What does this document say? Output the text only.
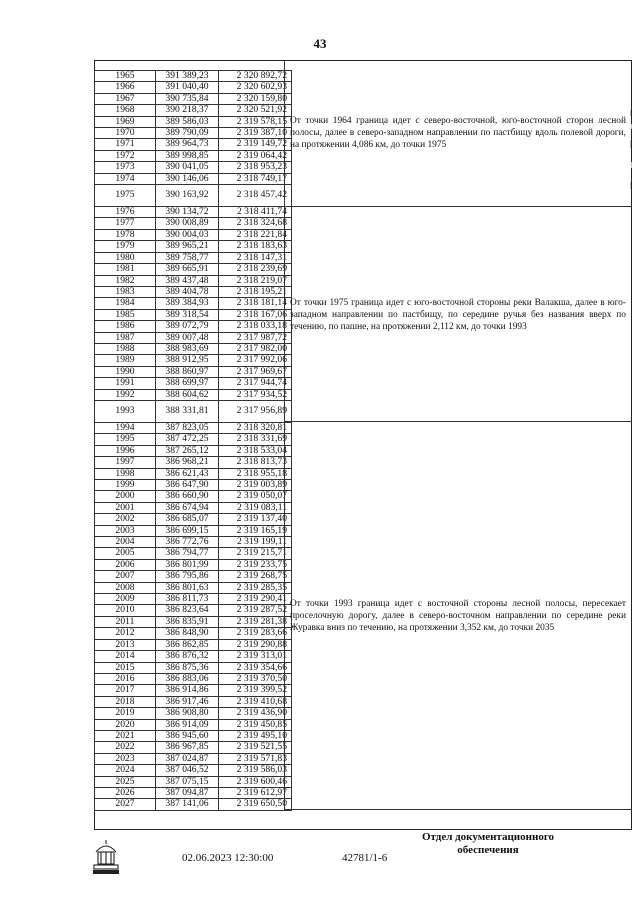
43
1965	391 389,23	2 320 892,72
1966	391 040,40	2 320 602,93
1967	390 735,84	2 320 159,80
1968	390 218,37	2 320 521,92
1969	389 586,03	2 319 578,15
1970	389 790,09	2 319 387,10
1971	389 964,73	2 319 149,72
1972	389 998,85	2 319 064,42
1973	390 041,05	2 318 953,23
1974	390 146,06	2 318 749,17
1975	390 163,92	2 318 457,42
1976	390 134,72	2 318 411,74
1977	390 008,89	2 318 324,68
1978	390 004,03	2 318 221,84
1979	389 965,21	2 318 183,63
1980	389 758,77	2 318 147,31
1981	389 665,91	2 318 239,69
1982	389 437,48	2 318 219,07
1983	389 404,78	2 318 195,21
1984	389 384,93	2 318 181,14
1985	389 318,54	2 318 167,06
1986	389 072,79	2 318 033,18
1987	389 007,48	2 317 987,72
1988	388 983,69	2 317 982,00
1989	388 912,95	2 317 992,06
1990	388 860,97	2 317 969,67
1991	388 699,97	2 317 944,74
1992	388 604,62	2 317 934,52
1993	388 331,81	2 317 956,89
1994	387 823,05	2 318 320,81
1995	387 472,25	2 318 331,69
1996	387 265,12	2 318 533,04
1997	386 968,21	2 318 813,73
1998	386 621,43	2 318 955,18
1999	386 647,90	2 319 003,89
2000	386 660,90	2 319 050,07
2001	386 674,94	2 319 083,11
2002	386 685,07	2 319 137,40
2003	386 699,15	2 319 165,19
2004	386 772,76	2 319 199,11
2005	386 794,77	2 319 215,71
2006	386 801,99	2 319 233,75
2007	386 795,86	2 319 268,75
2008	386 801,63	2 319 285,35
2009	386 811,73	2 319 290,41
2010	386 823,64	2 319 287,52
2011	386 835,91	2 319 281,38
2012	386 848,90	2 319 283,66
2013	386 862,85	2 319 290,88
2014	386 876,32	2 319 313,01
2015	386 875,36	2 319 354,66
2016	386 883,06	2 319 370,50
2017	386 914,86	2 319 399,52
2018	386 917,46	2 319 410,68
2019	386 908,80	2 319 436,90
2020	386 914,09	2 319 450,85
2021	386 945,60	2 319 495,10
2022	386 967,85	2 319 521,55
2023	387 024,87	2 319 571,83
2024	387 046,52	2 319 586,03
2025	387 075,15	2 319 600,46
2026	387 094,87	2 319 612,97
2027	387 141,06	2 319 650,50
От точки 1964 граница идет с северо-восточной, юго-восточной сторон лесной полосы, далее в северо-западном направлении по пастбищу вдоль полевой дороги, на протяжении 4,086 км, до точки 1975
От точки 1975 граница идет с юго-восточной стороны реки Валакша, далее в юго-западном направлении по пастбищу, по середине ручья без названия вверх по течению, по пашне, на протяжении 2,112 км, до точки 1993
От точки 1993 граница идет с восточной стороны лесной полосы, пересекает проселочную дорогу, далее в северо-восточном направлении по середине реки Журавка вниз по течению, на протяжении 3,352 км, до точки 2035
Отдел документационного
обеспечения
02.06.2023 12:30:00	42781/1-6
